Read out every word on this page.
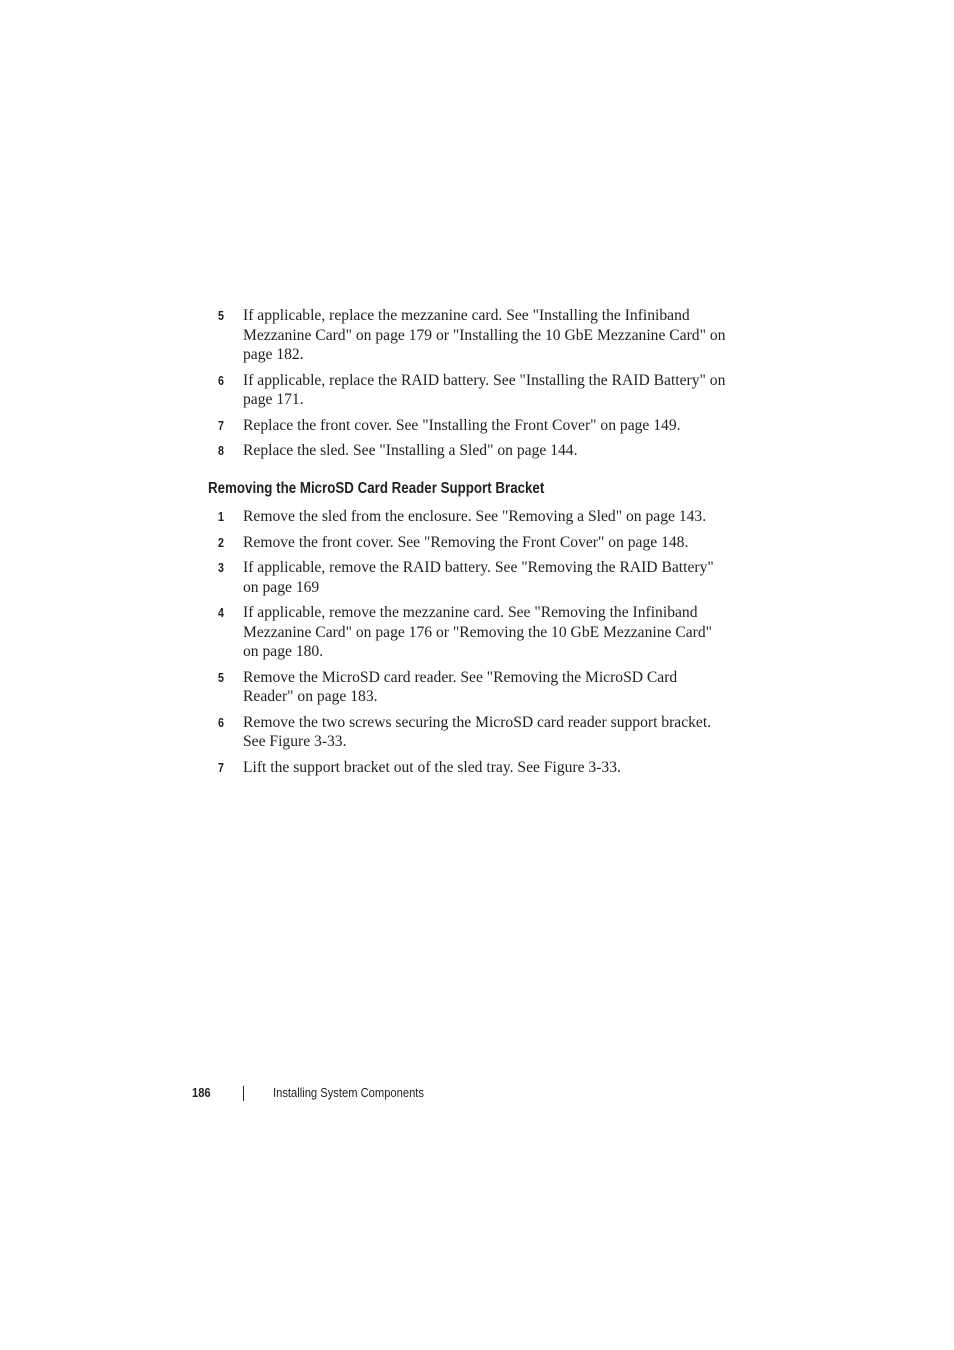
5 If applicable, replace the mezzanine card. See "Installing the Infiniband Mezzanine Card" on page 179 or "Installing the 10 GbE Mezzanine Card" on page 182.
6 If applicable, replace the RAID battery. See "Installing the RAID Battery" on page 171.
7 Replace the front cover. See "Installing the Front Cover" on page 149.
8 Replace the sled. See "Installing a Sled" on page 144.
Removing the MicroSD Card Reader Support Bracket
1 Remove the sled from the enclosure. See "Removing a Sled" on page 143.
2 Remove the front cover. See "Removing the Front Cover" on page 148.
3 If applicable, remove the RAID battery. See "Removing the RAID Battery" on page 169
4 If applicable, remove the mezzanine card. See "Removing the Infiniband Mezzanine Card" on page 176 or "Removing the 10 GbE Mezzanine Card" on page 180.
5 Remove the MicroSD card reader. See "Removing the MicroSD Card Reader" on page 183.
6 Remove the two screws securing the MicroSD card reader support bracket. See Figure 3-33.
7 Lift the support bracket out of the sled tray. See Figure 3-33.
186	Installing System Components
